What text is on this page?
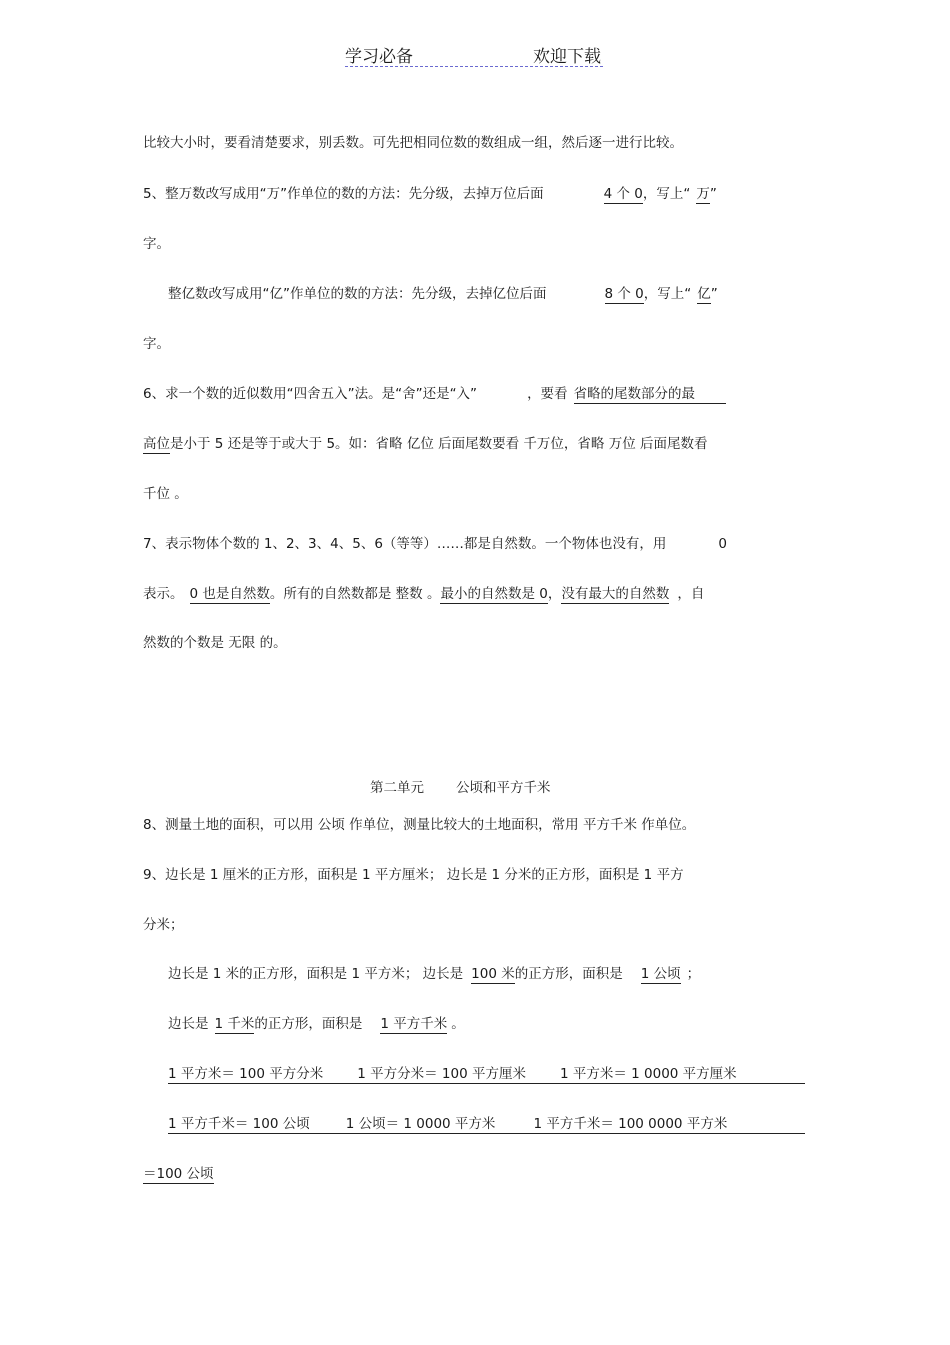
学习必备	欢迎下载
比较大小时，要看清楚要求，别丢数。可先把相同位数的数组成一组，然后逐一进行比较。
5、整万数改写成用“万”作单位的数的方法：先分级，去掉万位后面	4 个 0，写上“ 万”
字。
整亿数改写成用“亿”作单位的数的方法：先分级，去掉亿位后面	8 个 0，写上“ 亿”
字。
6、求一个数的近似数用“四舍五入”法。是“舍”还是“入”	，要看 省略的尾数部分的最
高位是小于 5 还是等于或大于 5。如：省略 亿位 后面尾数要看 千万位，省略 万位 后面尾数看
千位 。
7、表示物体个数的 1、2、3、4、5、6（等等）……都是自然数。一个物体也没有，用	0
表示。 0 也是自然数。所有的自然数都是 整数 。最小的自然数是 0，没有最大的自然数 ，自
然数的个数是 无限 的。
第二单元 公顷和平方千米
8、测量土地的面积，可以用 公顷 作单位，测量比较大的土地面积，常用 平方千米 作单位。
9、边长是 1 厘米的正方形，面积是 1 平方厘米； 边长是 1 分米的正方形，面积是 1 平方
分米；
边长是 1 米的正方形，面积是 1 平方米； 边长是 100 米的正方形，面积是 1 公顷 ；
边长是 1 千米的正方形，面积是 1 平方千米 。
1 平方米＝ 100 平方分米	1 平方分米＝ 100 平方厘米	1 平方米＝ 1 0000 平方厘米
1 平方千米＝ 100 公顷	1 公顷＝ 1 0000 平方米	1 平方千米＝ 100 0000 平方米
＝100 公顷
